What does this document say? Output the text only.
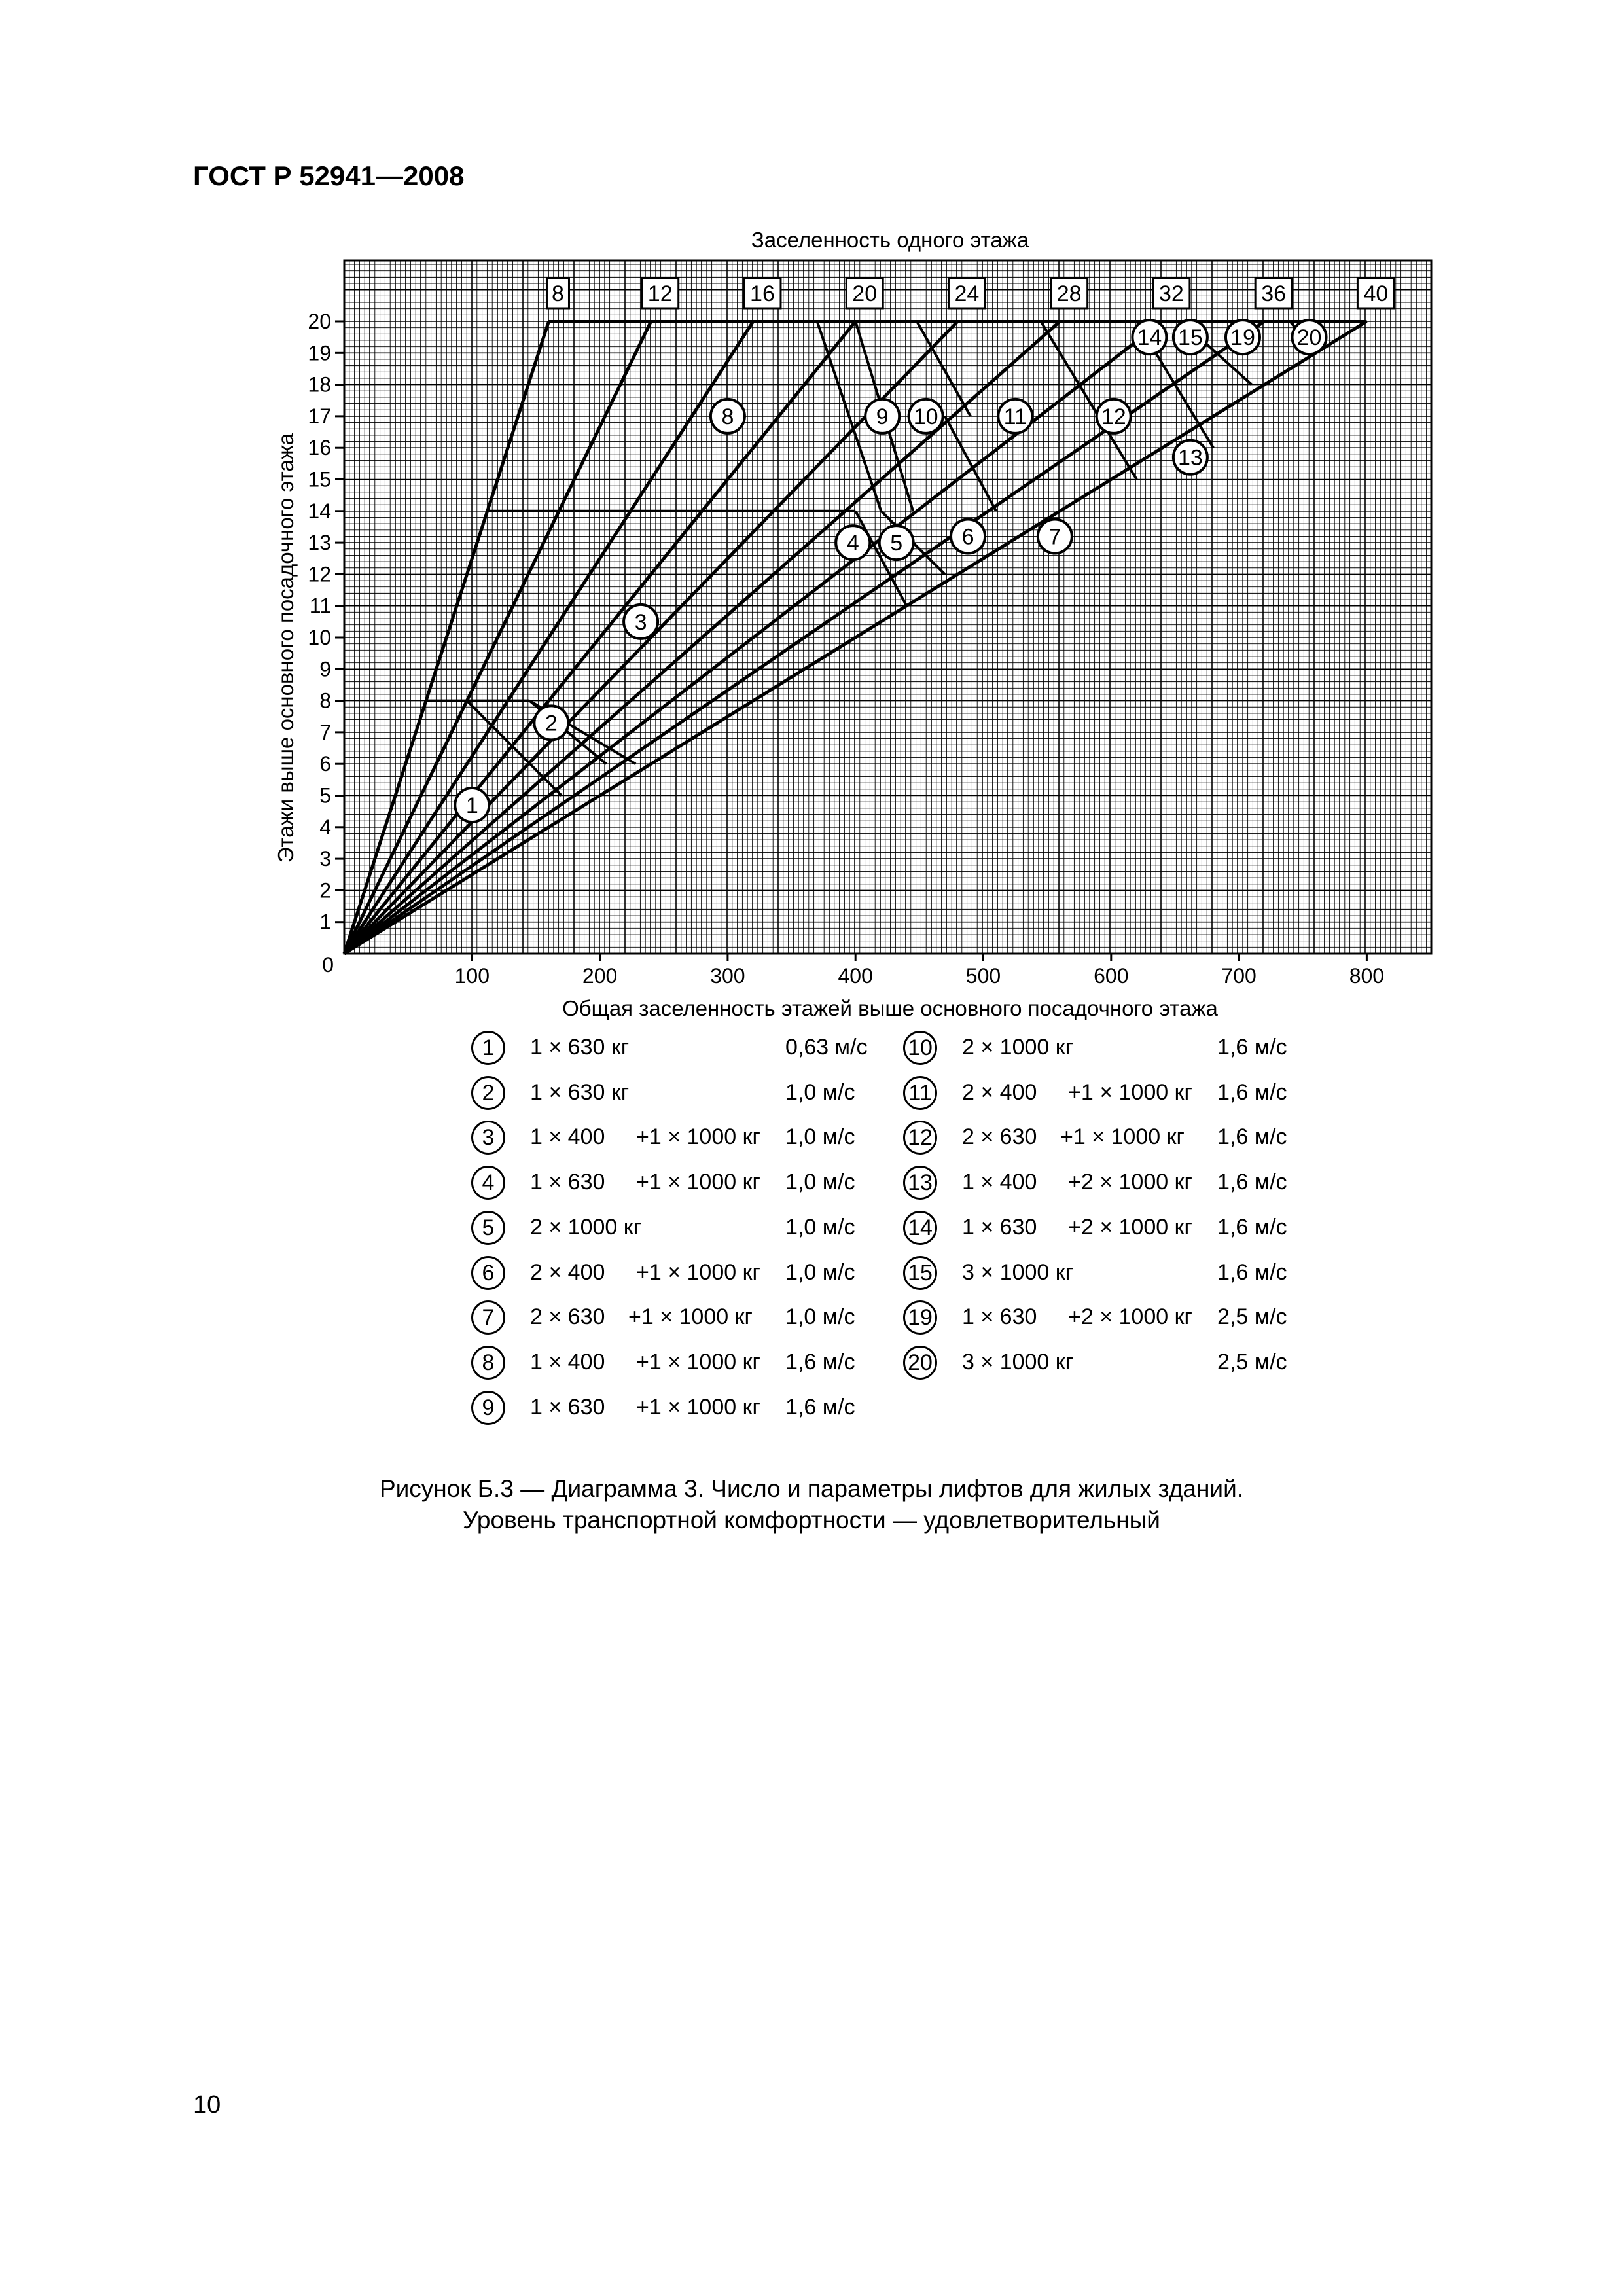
ГОСТ Р 52941—2008
8	12	16	20	24	28	32	36	40
100	200	300	400	500	600	700	800
1
2
3
4
5
6
7
8
9
10
11
12
13
14
15
16
17
18
19
20
0
1
2
3
4 5	6	7
8	9 10	11	12
13
14 15 19 20
Заселенность одного этажа
Общая заселенность этажей выше основного посадочного этажа
Этажи выше основного посадочного этажа
1	1 × 630 кг	0,63 м/с
2	1 × 630 кг	1,0 м/с
3	1 × 400 +1 × 1000 кг 1,0 м/с
4	1 × 630 +1 × 1000 кг 1,0 м/с
5	2 × 1000 кг	1,0 м/с
6	2 × 400 +1 × 1000 кг 1,0 м/с
7	2 × 630 +1 × 1000 кг 1,0 м/с
8	1 × 400 +1 × 1000 кг 1,6 м/с
9	1 × 630 +1 × 1000 кг 1,6 м/с
10 2 × 1000 кг	1,6 м/с
11 2 × 400 +1 × 1000 кг 1,6 м/с
12 2 × 630 +1 × 1000 кг 1,6 м/с
13 1 × 400 +2 × 1000 кг 1,6 м/с
14 1 × 630 +2 × 1000 кг 1,6 м/с
15 3 × 1000 кг	1,6 м/с
19 1 × 630 +2 × 1000 кг 2,5 м/с
20 3 × 1000 кг	2,5 м/с
Рисунок Б.3 — Диаграмма 3. Число и параметры лифтов для жилых зданий.
Уровень транспортной комфортности — удовлетворительный
10
